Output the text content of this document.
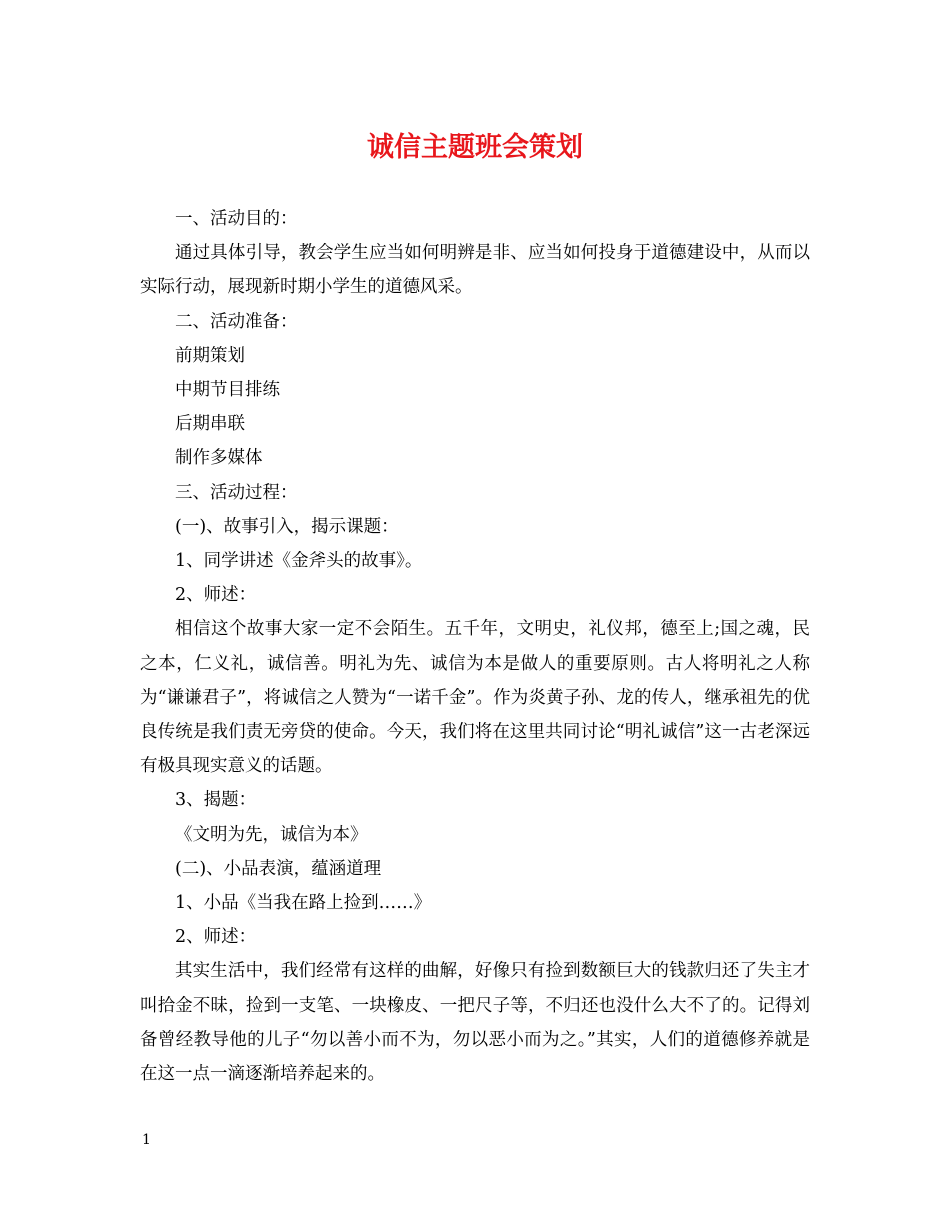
诚信主题班会策划

一、活动目的：

通过具体引导，教会学生应当如何明辨是非、应当如何投身于道德建设中，从而以实际行动，展现新时期小学生的道德风采。

二、活动准备：

前期策划

中期节目排练

后期串联

制作多媒体

三、活动过程：

(一)、故事引入，揭示课题：

1、同学讲述《金斧头的故事》。

2、师述：

相信这个故事大家一定不会陌生。五千年，文明史，礼仪邦，德至上;国之魂，民之本，仁义礼，诚信善。明礼为先、诚信为本是做人的重要原则。古人将明礼之人称为“谦谦君子”，将诚信之人赞为“一诺千金”。作为炎黄子孙、龙的传人，继承祖先的优良传统是我们责无旁贷的使命。今天，我们将在这里共同讨论“明礼诚信”这一古老深远有极具现实意义的话题。

3、揭题：

《文明为先，诚信为本》

(二)、小品表演，蕴涵道理

1、小品《当我在路上捡到……》

2、师述：

其实生活中，我们经常有这样的曲解，好像只有捡到数额巨大的钱款归还了失主才叫拾金不昧，捡到一支笔、一块橡皮、一把尺子等，不归还也没什么大不了的。记得刘备曾经教导他的儿子“勿以善小而不为，勿以恶小而为之。”其实，人们的道德修养就是在这一点一滴逐渐培养起来的。

1
